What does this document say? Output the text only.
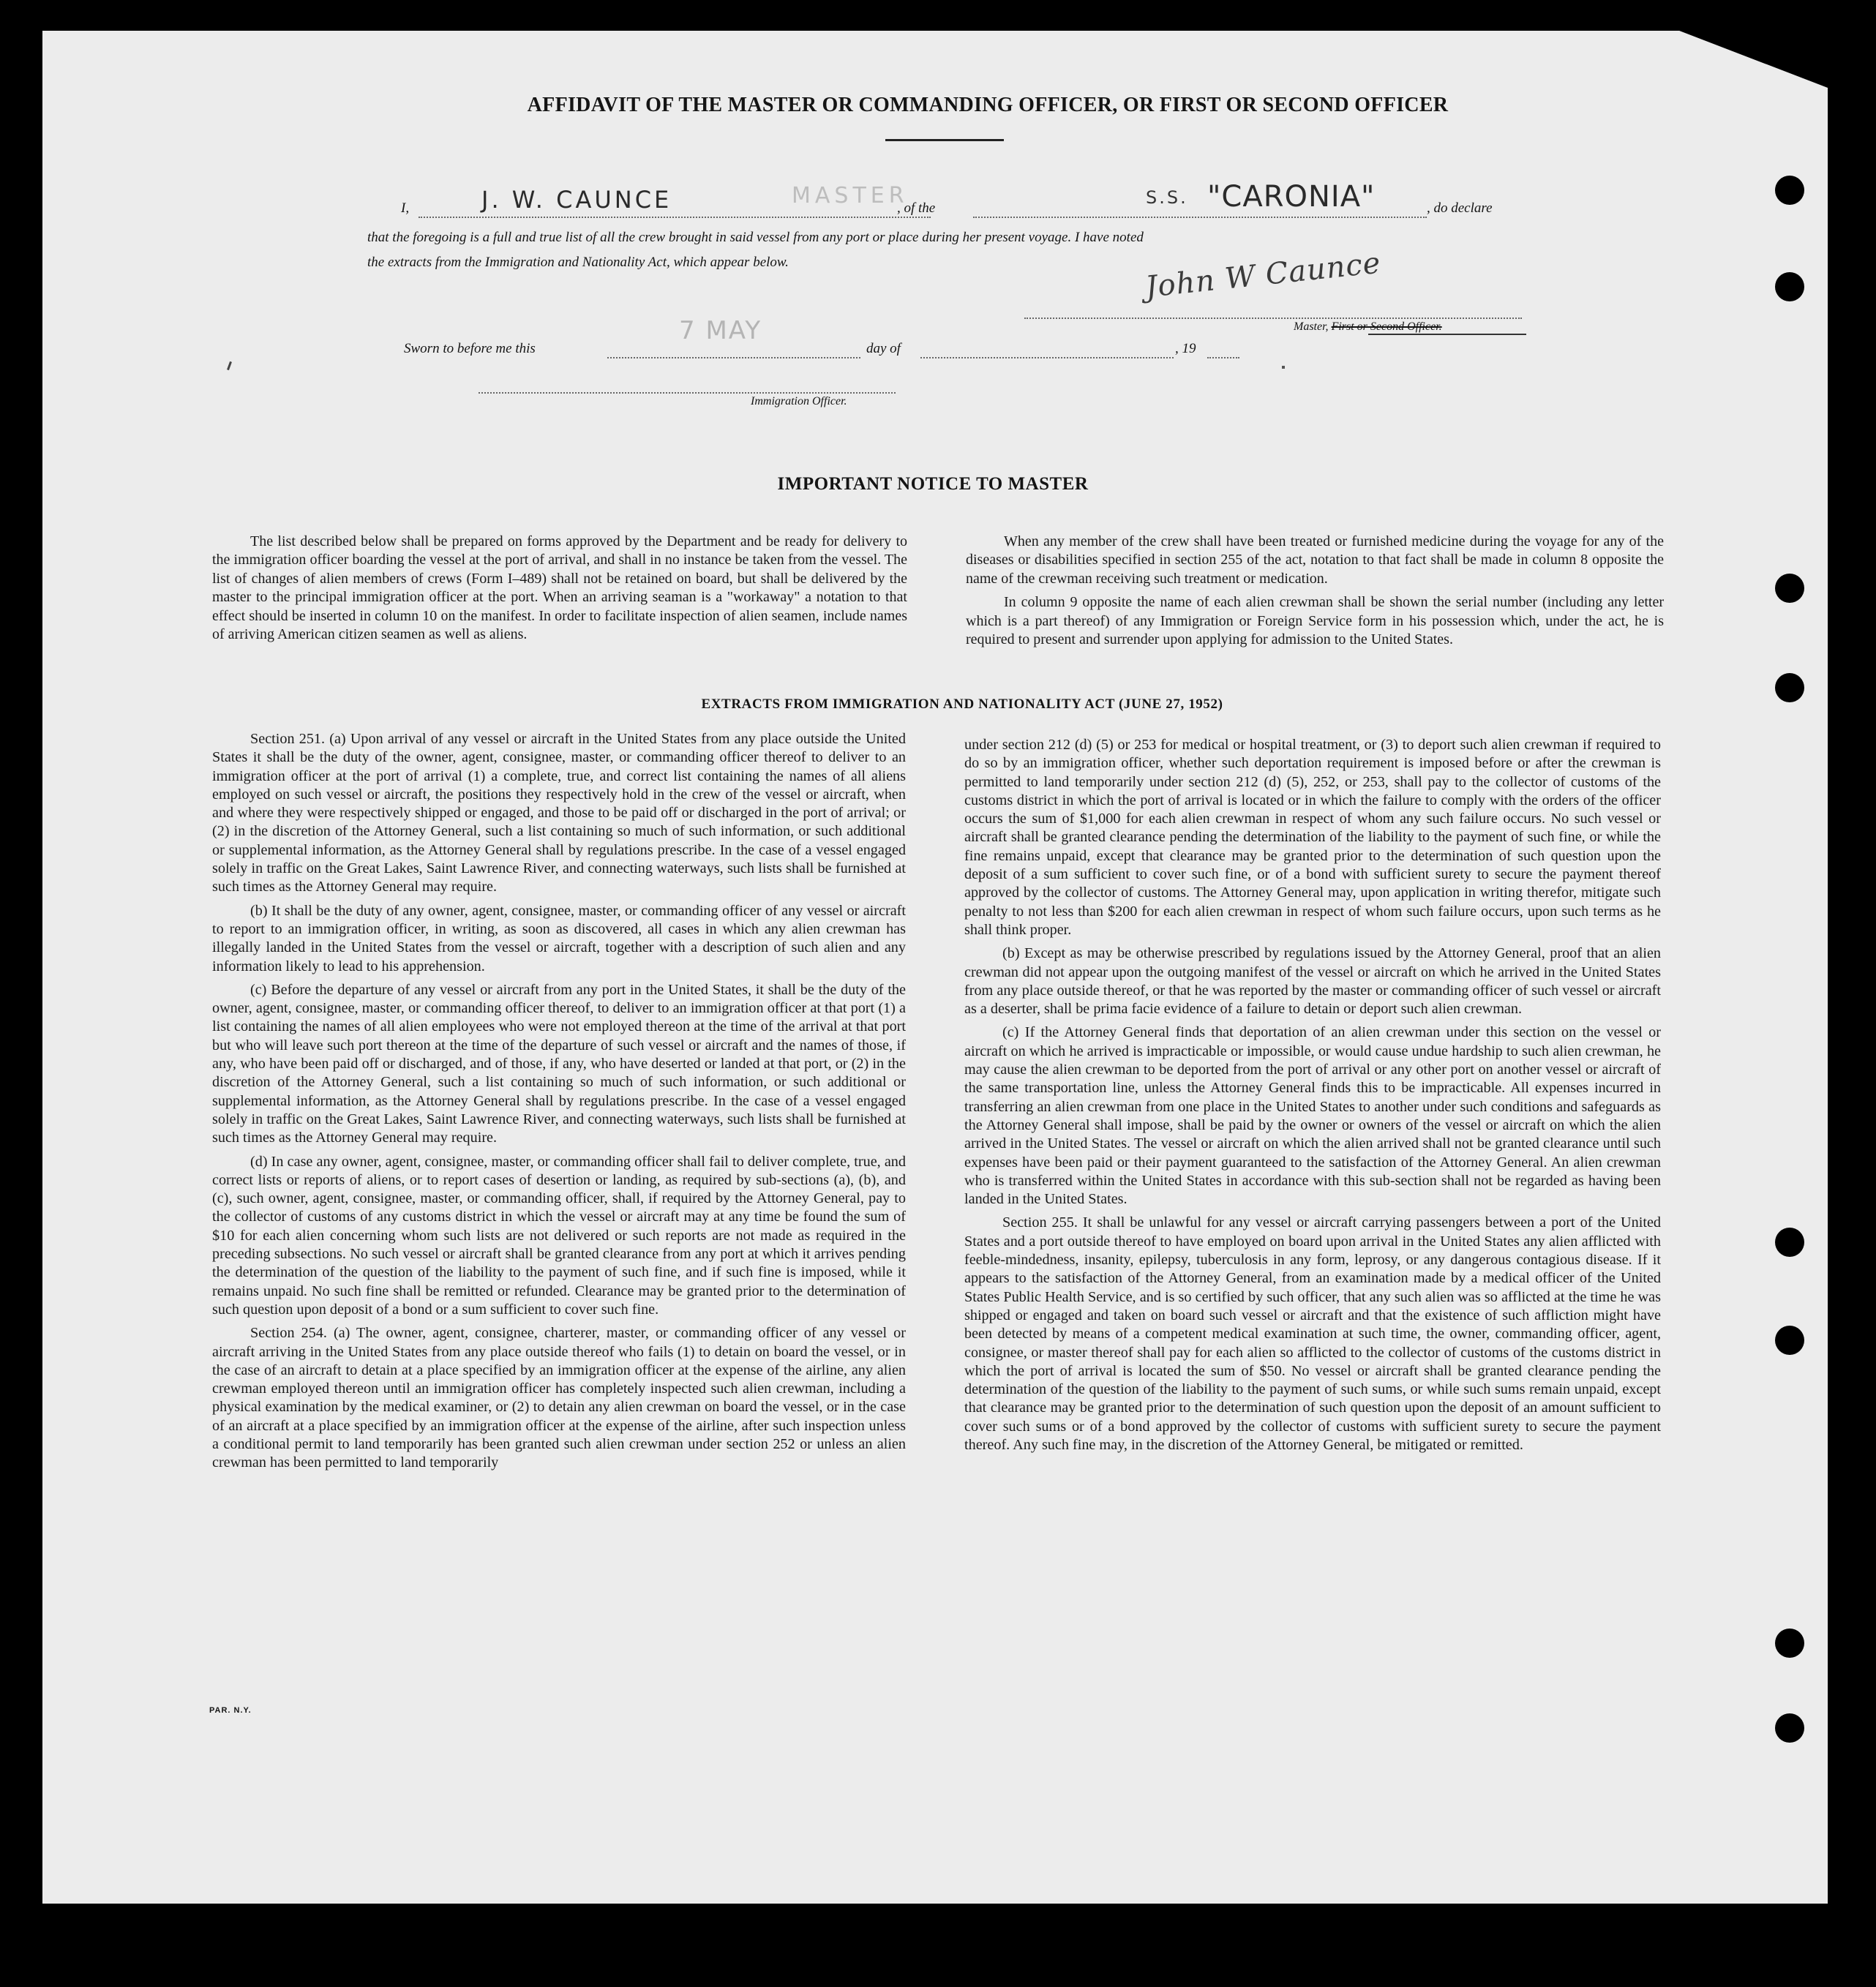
AFFIDAVIT OF THE MASTER OR COMMANDING OFFICER, OR FIRST OR SECOND OFFICER
I,	J. W. CAUNCE	MASTER
, of the
S.S. "CARONIA"	, do declare
that the foregoing is a full and true list of all the crew brought in said vessel from any port or place during her present voyage. I have noted
the extracts from the Immigration and Nationality Act, which appear below.	John W Caunce
Master, First or Second Officer.
Sworn to before me this
7 MAY
day of	, 19
Immigration Officer.
IMPORTANT NOTICE TO MASTER

The list described below shall be prepared on forms approved by the Department and be ready for delivery to the immigration officer boarding the vessel at the port of arrival, and shall in no instance be taken from the vessel. The list of changes of alien members of crews (Form I–489) shall not be retained on board, but shall be delivered by the master to the principal immigration officer at the port. When an arriving seaman is a "workaway" a notation to that effect should be inserted in column 10 on the manifest. In order to facilitate inspection of alien seamen, include names of arriving American citizen seamen as well as aliens.

When any member of the crew shall have been treated or furnished medicine during the voyage for any of the diseases or disabilities specified in section 255 of the act, notation to that fact shall be made in column 8 opposite the name of the crewman receiving such treatment or medication.

In column 9 opposite the name of each alien crewman shall be shown the serial number (including any letter which is a part thereof) of any Immigration or Foreign Service form in his possession which, under the act, he is required to present and surrender upon applying for admission to the United States.

EXTRACTS FROM IMMIGRATION AND NATIONALITY ACT (JUNE 27, 1952)

Section 251. (a) Upon arrival of any vessel or aircraft in the United States from any place outside the United States it shall be the duty of the owner, agent, consignee, master, or commanding officer thereof to deliver to an immigration officer at the port of arrival (1) a complete, true, and correct list containing the names of all aliens employed on such vessel or aircraft, the positions they respectively hold in the crew of the vessel or aircraft, when and where they were respectively shipped or engaged, and those to be paid off or discharged in the port of arrival; or (2) in the discretion of the Attorney General, such a list containing so much of such information, or such additional or supplemental information, as the Attorney General shall by regulations prescribe. In the case of a vessel engaged solely in traffic on the Great Lakes, Saint Lawrence River, and connecting waterways, such lists shall be furnished at such times as the Attorney General may require.

(b) It shall be the duty of any owner, agent, consignee, master, or commanding officer of any vessel or aircraft to report to an immigration officer, in writing, as soon as discovered, all cases in which any alien crewman has illegally landed in the United States from the vessel or aircraft, together with a description of such alien and any information likely to lead to his apprehension.

(c) Before the departure of any vessel or aircraft from any port in the United States, it shall be the duty of the owner, agent, consignee, master, or commanding officer thereof, to deliver to an immigration officer at that port (1) a list containing the names of all alien employees who were not employed thereon at the time of the arrival at that port but who will leave such port thereon at the time of the departure of such vessel or aircraft and the names of those, if any, who have been paid off or discharged, and of those, if any, who have deserted or landed at that port, or (2) in the discretion of the Attorney General, such a list containing so much of such information, or such additional or supplemental information, as the Attorney General shall by regulations prescribe. In the case of a vessel engaged solely in traffic on the Great Lakes, Saint Lawrence River, and connecting waterways, such lists shall be furnished at such times as the Attorney General may require.

(d) In case any owner, agent, consignee, master, or commanding officer shall fail to deliver complete, true, and correct lists or reports of aliens, or to report cases of desertion or landing, as required by sub-sections (a), (b), and (c), such owner, agent, consignee, master, or commanding officer, shall, if required by the Attorney General, pay to the collector of customs of any customs district in which the vessel or aircraft may at any time be found the sum of $10 for each alien concerning whom such lists are not delivered or such reports are not made as required in the preceding subsections. No such vessel or aircraft shall be granted clearance from any port at which it arrives pending the determination of the question of the liability to the payment of such fine, and if such fine is imposed, while it remains unpaid. No such fine shall be remitted or refunded. Clearance may be granted prior to the determination of such question upon deposit of a bond or a sum sufficient to cover such fine.

Section 254. (a) The owner, agent, consignee, charterer, master, or commanding officer of any vessel or aircraft arriving in the United States from any place outside thereof who fails (1) to detain on board the vessel, or in the case of an aircraft to detain at a place specified by an immigration officer at the expense of the airline, any alien crewman employed thereon until an immigration officer has completely inspected such alien crewman, including a physical examination by the medical examiner, or (2) to detain any alien crewman on board the vessel, or in the case of an aircraft at a place specified by an immigration officer at the expense of the airline, after such inspection unless a conditional permit to land temporarily has been granted such alien crewman under section 252 or unless an alien crewman has been permitted to land temporarily

under section 212 (d) (5) or 253 for medical or hospital treatment, or (3) to deport such alien crewman if required to do so by an immigration officer, whether such deportation requirement is imposed before or after the crewman is permitted to land temporarily under section 212 (d) (5), 252, or 253, shall pay to the collector of customs of the customs district in which the port of arrival is located or in which the failure to comply with the orders of the officer occurs the sum of $1,000 for each alien crewman in respect of whom any such failure occurs. No such vessel or aircraft shall be granted clearance pending the determination of the liability to the payment of such fine, or while the fine remains unpaid, except that clearance may be granted prior to the determination of such question upon the deposit of a sum sufficient to cover such fine, or of a bond with sufficient surety to secure the payment thereof approved by the collector of customs. The Attorney General may, upon application in writing therefor, mitigate such penalty to not less than $200 for each alien crewman in respect of whom such failure occurs, upon such terms as he shall think proper.

(b) Except as may be otherwise prescribed by regulations issued by the Attorney General, proof that an alien crewman did not appear upon the outgoing manifest of the vessel or aircraft on which he arrived in the United States from any place outside thereof, or that he was reported by the master or commanding officer of such vessel or aircraft as a deserter, shall be prima facie evidence of a failure to detain or deport such alien crewman.

(c) If the Attorney General finds that deportation of an alien crewman under this section on the vessel or aircraft on which he arrived is impracticable or impossible, or would cause undue hardship to such alien crewman, he may cause the alien crewman to be deported from the port of arrival or any other port on another vessel or aircraft of the same transportation line, unless the Attorney General finds this to be impracticable. All expenses incurred in transferring an alien crewman from one place in the United States to another under such conditions and safeguards as the Attorney General shall impose, shall be paid by the owner or owners of the vessel or aircraft on which the alien arrived in the United States. The vessel or aircraft on which the alien arrived shall not be granted clearance until such expenses have been paid or their payment guaranteed to the satisfaction of the Attorney General. An alien crewman who is transferred within the United States in accordance with this sub-section shall not be regarded as having been landed in the United States.

Section 255. It shall be unlawful for any vessel or aircraft carrying passengers between a port of the United States and a port outside thereof to have employed on board upon arrival in the United States any alien afflicted with feeble-mindedness, insanity, epilepsy, tuberculosis in any form, leprosy, or any dangerous contagious disease. If it appears to the satisfaction of the Attorney General, from an examination made by a medical officer of the United States Public Health Service, and is so certified by such officer, that any such alien was so afflicted at the time he was shipped or engaged and taken on board such vessel or aircraft and that the existence of such affliction might have been detected by means of a competent medical examination at such time, the owner, commanding officer, agent, consignee, or master thereof shall pay for each alien so afflicted to the collector of customs of the customs district in which the port of arrival is located the sum of $50. No vessel or aircraft shall be granted clearance pending the determination of the question of the liability to the payment of such sums, or while such sums remain unpaid, except that clearance may be granted prior to the determination of such question upon the deposit of an amount sufficient to cover such sums or of a bond approved by the collector of customs with sufficient surety to secure the payment thereof. Any such fine may, in the discretion of the Attorney General, be mitigated or remitted.

PAR. N.Y.
